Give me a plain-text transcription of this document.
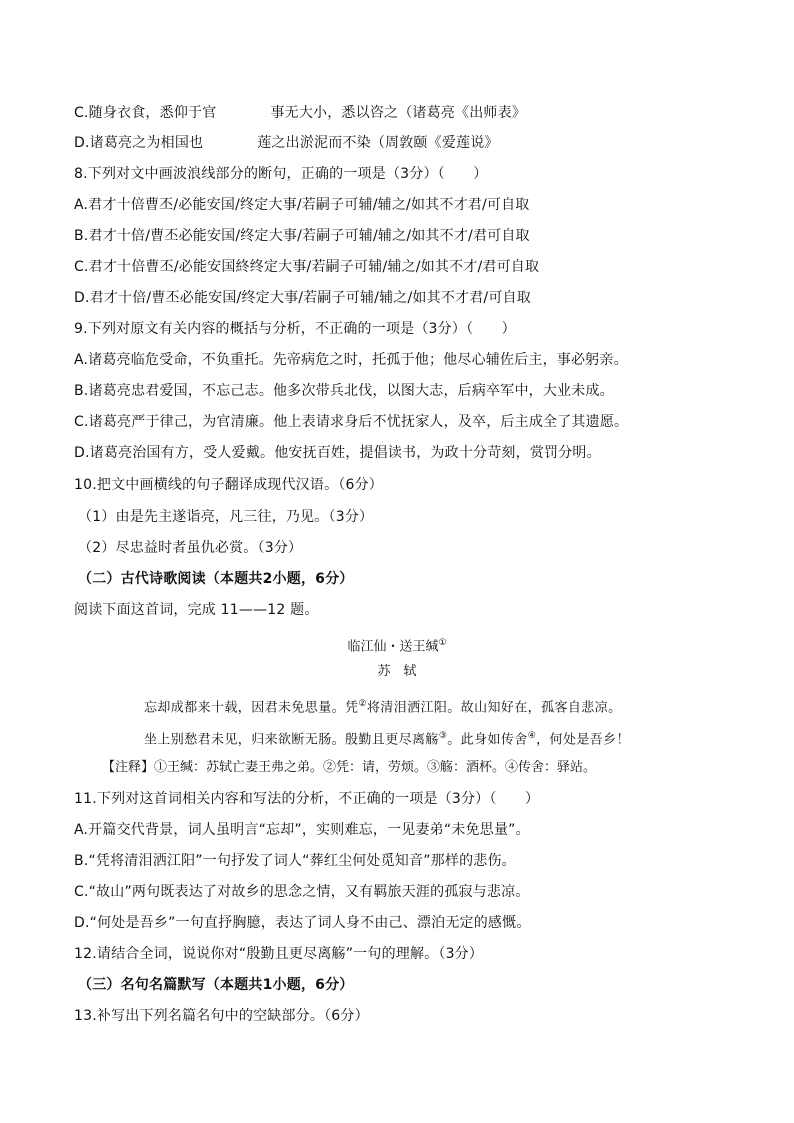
C.随身衣食，悉仰于官	事无大小，悉以咨之（诸葛亮《出师表》
D.诸葛亮之为相国也	莲之出淤泥而不染（周敦颐《爱莲说》
8.下列对文中画波浪线部分的断句，正确的一项是（3分）（　　）
A.君才十倍曹丕/必能安国/终定大事/若嗣子可辅/辅之/如其不才君/可自取
B.君才十倍/曹丕必能安国/终定大事/若嗣子可辅/辅之/如其不才/君可自取
C.君才十倍曹丕/必能安国終终定大事/若嗣子可辅/辅之/如其不才/君可自取
D.君才十倍/曹丕必能安国/终定大事/若嗣子可辅/辅之/如其不才君/可自取
9.下列对原文有关内容的概括与分析，不正确的一项是（3分）（　　）
A.诸葛亮临危受命，不负重托。先帝病危之时，托孤于他；他尽心辅佐后主，事必躬亲。
B.诸葛亮忠君爱国，不忘己志。他多次带兵北伐，以图大志，后病卒军中，大业未成。
C.诸葛亮严于律己，为官清廉。他上表请求身后不忧抚家人，及卒，后主成全了其遗愿。
D.诸葛亮治国有方，受人爱戴。他安抚百姓，提倡读书，为政十分苛刻，赏罚分明。
10.把文中画横线的句子翻译成现代汉语。（6分）
（1）由是先主遂诣亮，凡三往，乃见。（3分）
（2）尽忠益时者虽仇必赏。（3分）
（二）古代诗歌阅读（本题共2小题，6分）
阅读下面这首词，完成 11——12 题。
临江仙・送王缄①
苏　轼
忘却成都来十载，因君未免思量。凭②将清泪洒江阳。故山知好在，孤客自悲凉。
坐上别愁君未见，归来欲断无肠。殷勤且更尽离觞③。此身如传舍④，何处是吾乡！
【注释】①王缄：苏轼亡妻王弗之弟。②凭：请，劳烦。③觞：酒杯。④传舍：驿站。
11.下列对这首词相关内容和写法的分析，不正确的一项是（3分）（　　）
A.开篇交代背景，词人虽明言“忘却”，实则难忘，一见妻弟“未免思量”。
B.“凭将清泪洒江阳”一句抒发了词人“葬红尘何处觅知音”那样的悲伤。
C.“故山”两句既表达了对故乡的思念之情，又有羁旅天涯的孤寂与悲凉。
D.“何处是吾乡”一句直抒胸臆，表达了词人身不由己、漂泊无定的感慨。
12.请结合全词，说说你对“殷勤且更尽离觞”一句的理解。（3分）
（三）名句名篇默写（本题共1小题，6分）
13.补写出下列名篇名句中的空缺部分。（6分）
